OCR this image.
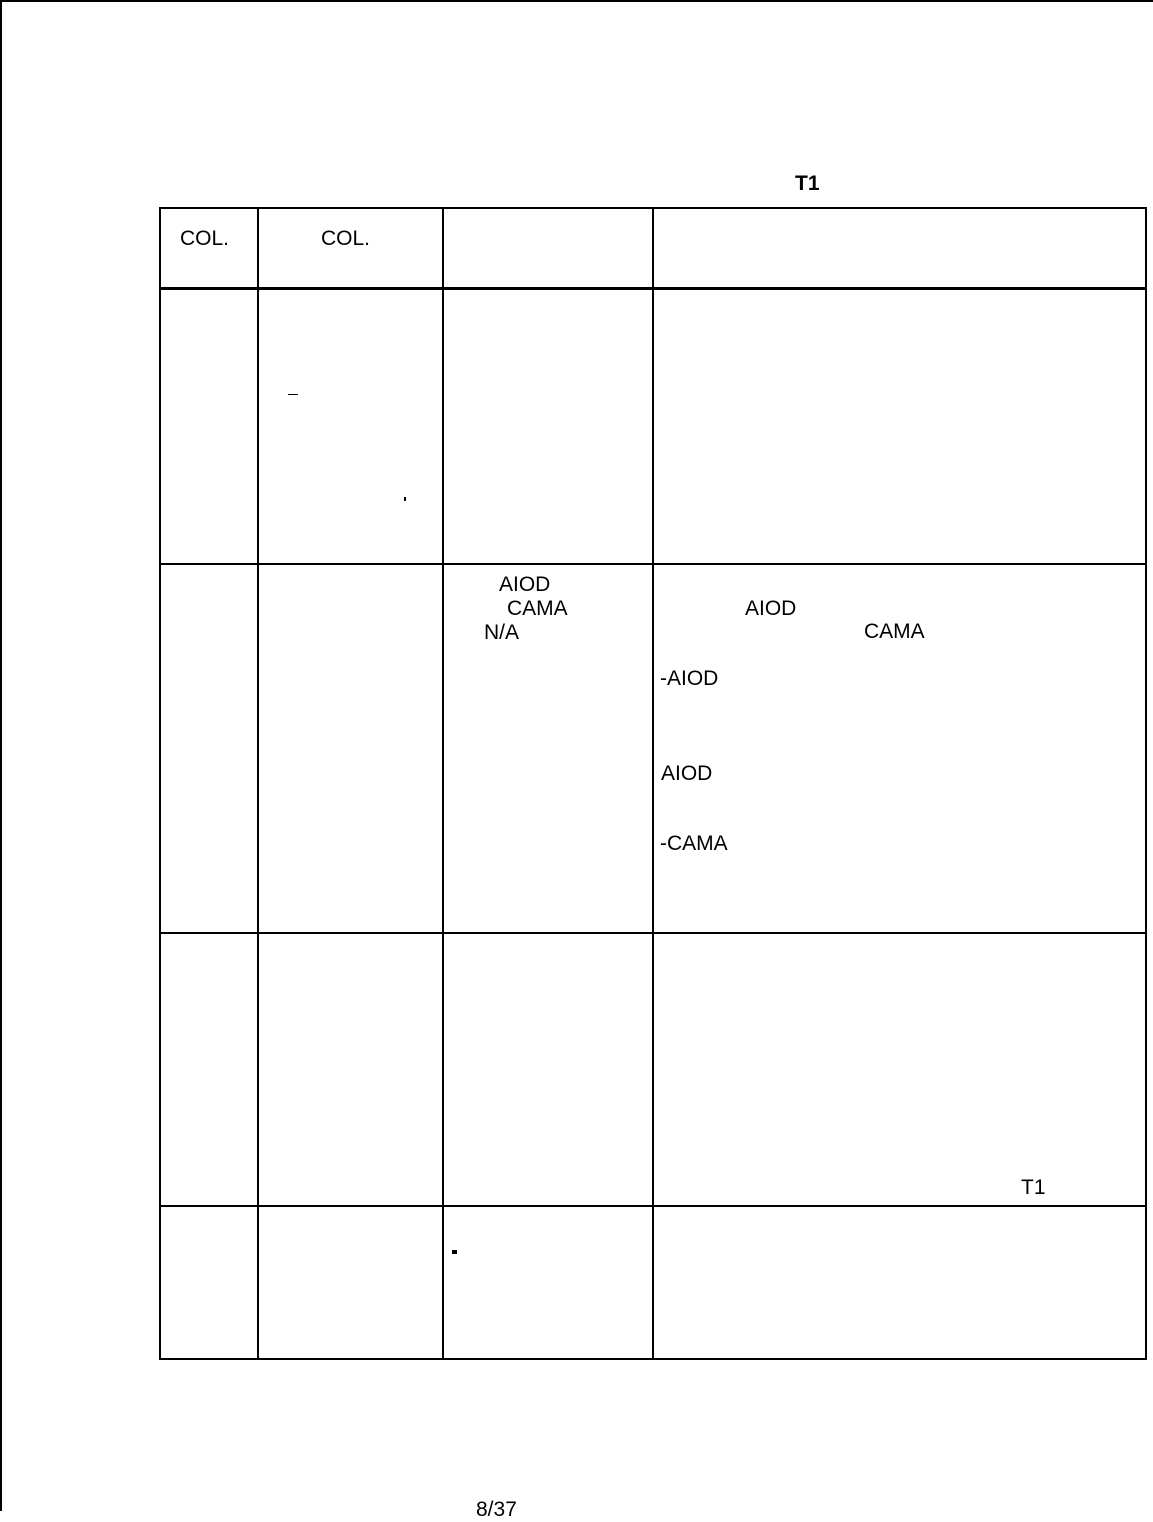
T1
COL.	COL.
AIOD
CAMA
N/A
AIOD
CAMA
-AIOD
AIOD
-CAMA
T1
8/37
